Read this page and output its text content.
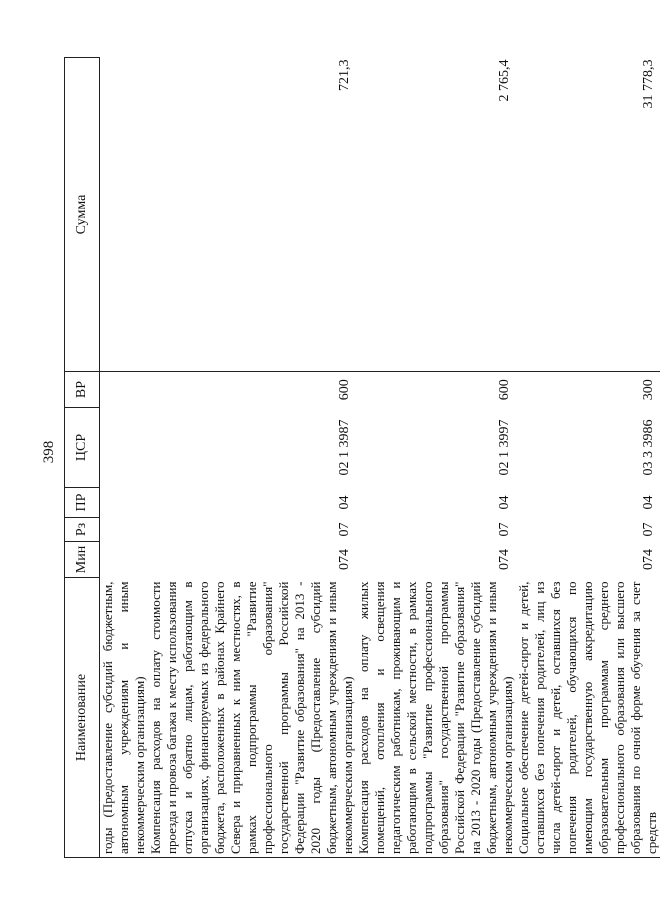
398
Наименование	Мин	Рз	ПР	ЦСР	ВР	Сумма

годы (Предоставление субсидий бюджетным, автономным учреждениям и иным некоммерческим организациям)						

Компенсация расходов на оплату стоимости проезда и провоза багажа к месту использования отпуска и обратно лицам, работающим в организациях, финансируемых из федерального бюджета, расположенных в районах Крайнего Севера и приравненных к ним местностях, в рамках подпрограммы "Развитие профессионального образования" государственной программы Российской Федерации "Развитие образования" на 2013 - 2020 годы (Предоставление субсидий бюджетным, автономным учреждениям и иным некоммерческим организациям)	074	07	04	02 1 3987	600	721,3

Компенсация расходов на оплату жилых помещений, отопления и освещения педагогическим работникам, проживающим и работающим в сельской местности, в рамках подпрограммы "Развитие профессионального образования" государственной программы Российской Федерации "Развитие образования" на 2013 - 2020 годы (Предоставление субсидий бюджетным, автономным учреждениям и иным некоммерческим организациям)	074	07	04	02 1 3997	600	2 765,4

Социальное обеспечение детей-сирот и детей, оставшихся без попечения родителей, лиц из числа детей-сирот и детей, оставшихся без попечения родителей, обучающихся по имеющим государственную аккредитацию образовательным программам среднего профессионального образования или высшего образования по очной форме обучения за счет средств	074	07	04	03 3 3986	300	31 778,3
